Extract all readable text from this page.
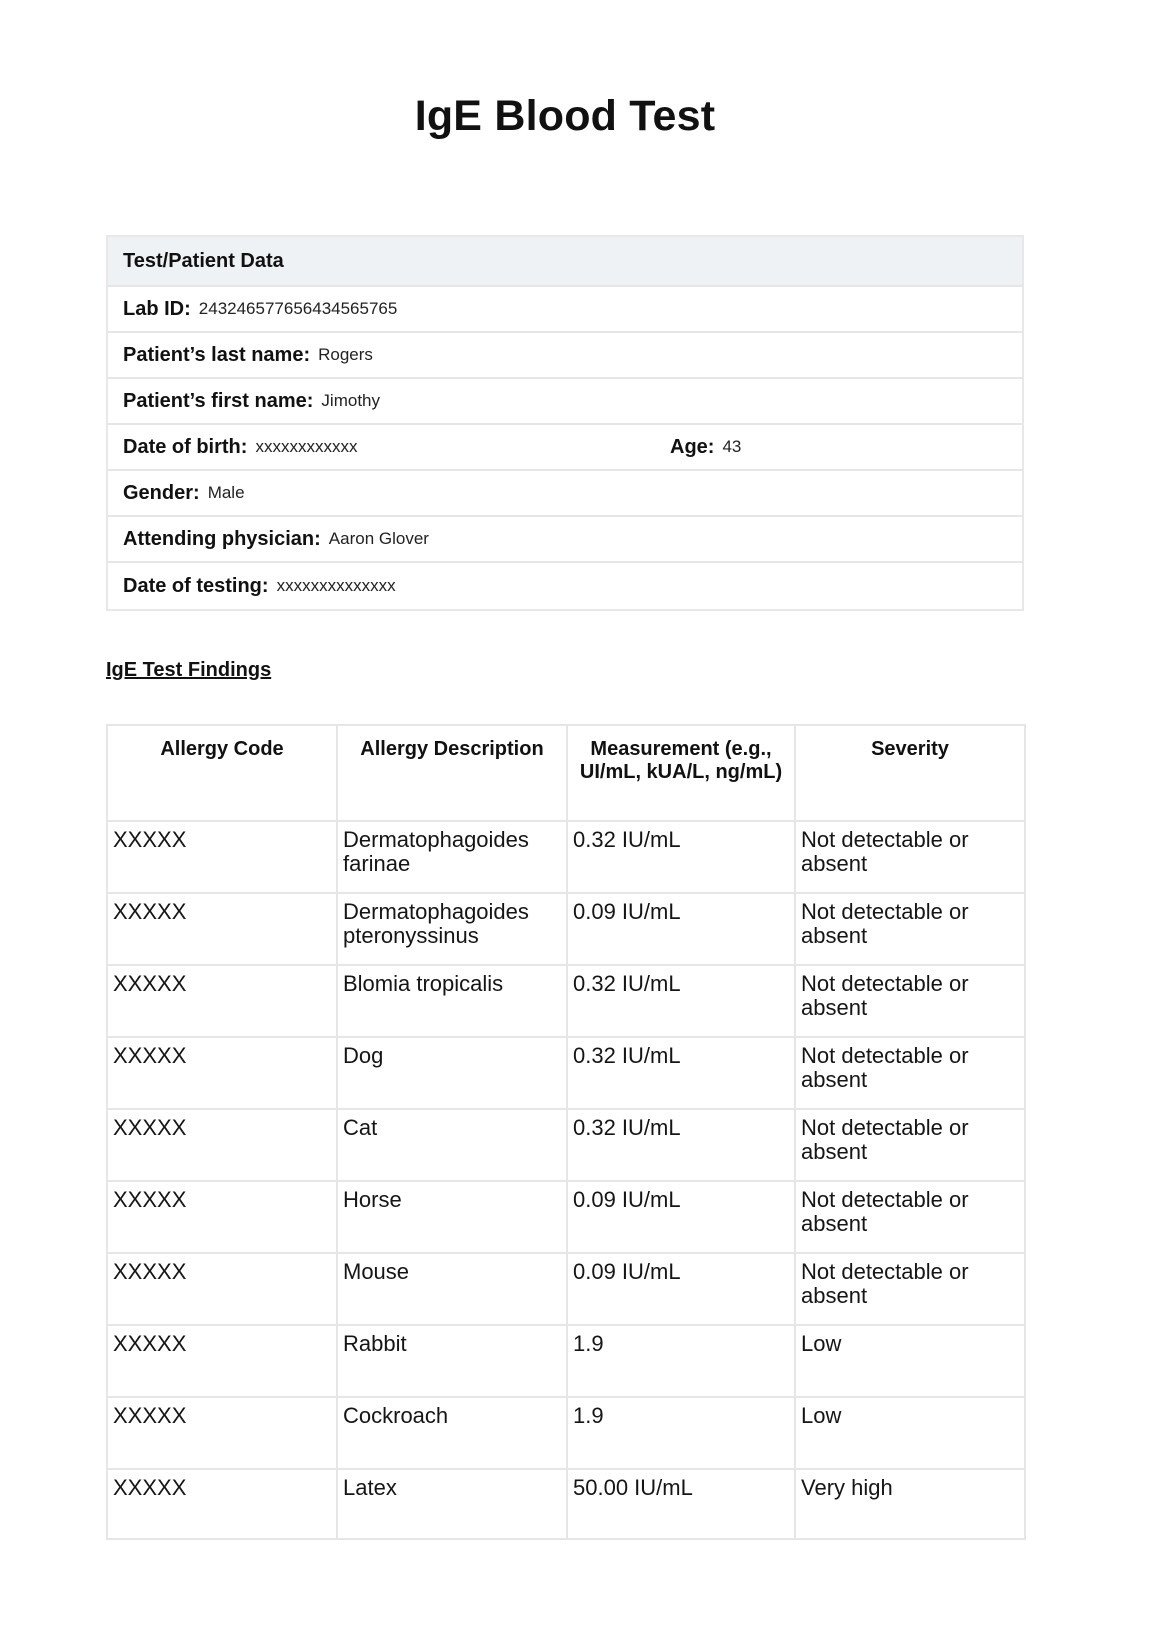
IgE Blood Test
Test/Patient Data
Lab ID: 243246577656434565765
Patient’s last name: Rogers
Patient’s first name: Jimothy
Date of birth: xxxxxxxxxxxx	Age: 43
Gender: Male
Attending physician: Aaron Glover
Date of testing: xxxxxxxxxxxxxx
IgE Test Findings
Allergy Code	Allergy Description	Measurement (e.g., UI/mL, kUA/L, ng/mL)	Severity
XXXXX	Dermatophagoides farinae	0.32 IU/mL	Not detectable or absent
XXXXX	Dermatophagoides pteronyssinus	0.09 IU/mL	Not detectable or absent
XXXXX	Blomia tropicalis	0.32 IU/mL	Not detectable or absent
XXXXX	Dog	0.32 IU/mL	Not detectable or absent
XXXXX	Cat	0.32 IU/mL	Not detectable or absent
XXXXX	Horse	0.09 IU/mL	Not detectable or absent
XXXXX	Mouse	0.09 IU/mL	Not detectable or absent
XXXXX	Rabbit	1.9	Low
XXXXX	Cockroach	1.9	Low
XXXXX	Latex	50.00 IU/mL	Very high
